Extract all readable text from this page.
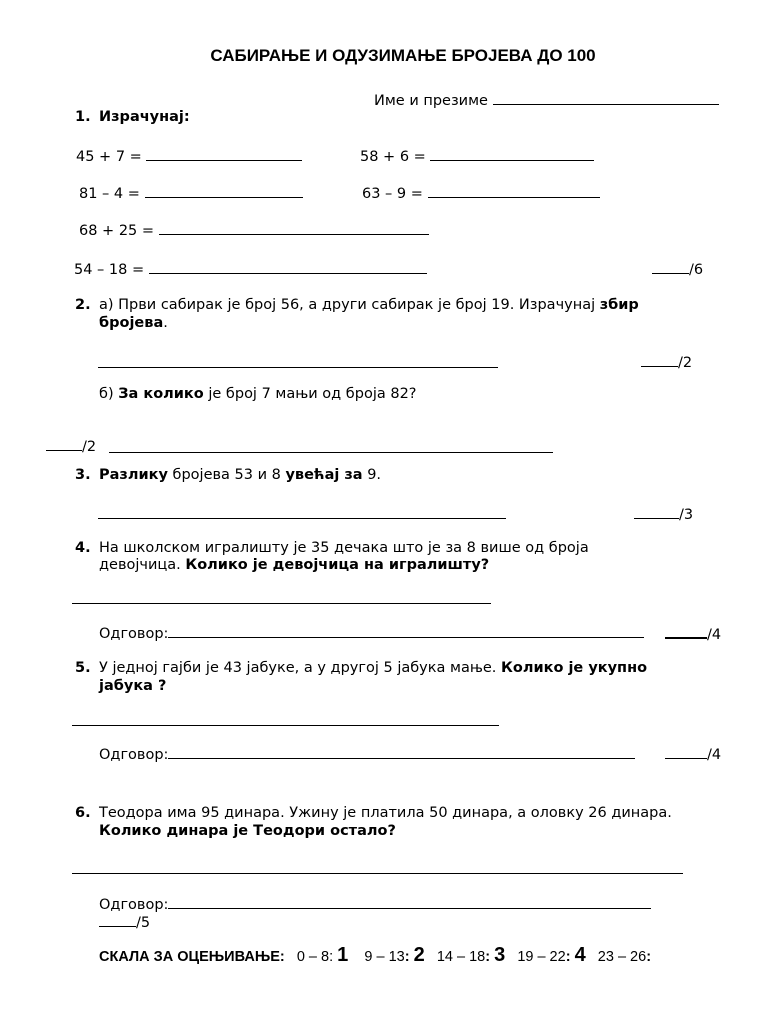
САБИРАЊЕ И ОДУЗИМАЊЕ БРОЈЕВА ДО 100
Име и презиме
1. Израчунај:
45 + 7 =	58 + 6 =
81 – 4 =	63 – 9 =
68 + 25 =
54 – 18 =	/6
2. а) Први сабирак је број 56, а други сабирак је број 19. Израчунај збир
бројева.
/2
б) За колико је број 7 мањи од броја 82?
/2
3. Разлику бројева 53 и 8 увећај за 9.
/3
4. На школском игралишту је 35 дечака што је за 8 више од броја
девојчица. Колико је девојчица на игралишту?
Одговор:	/4
5. У једној гајби је 43 јабуке, а у другој 5 јабука мање. Колико је укупно
јабука ?
Одговор:	/4
6. Теодора има 95 динара. Ужину је платила 50 динара, а оловку 26 динара.
Колико динара је Теодори остало?
Одговор:
/5
СКАЛА ЗА ОЦЕЊИВАЊЕ: 0 – 8: 1 9 – 13: 2 14 – 18: 3 19 – 22: 4 23 – 26:
